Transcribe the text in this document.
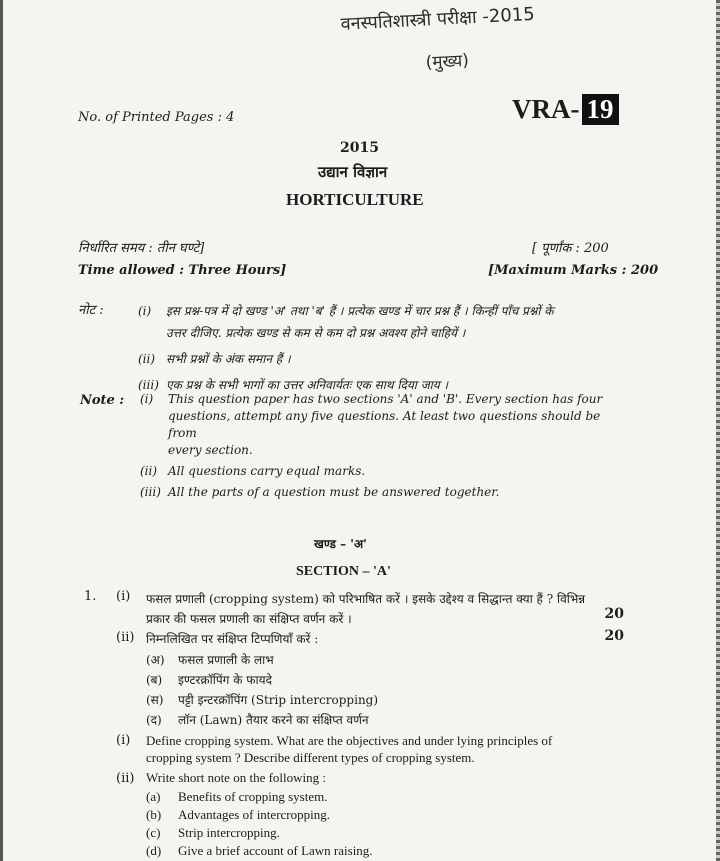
वनस्पतिशास्त्री परीक्षा -2015
(मुख्य)
No. of Printed Pages : 4	VRA- 19
2015
उद्यान विज्ञान
HORTICULTURE
निर्धारित समय : तीन घण्टे]	[ पूर्णांक : 200
Time allowed : Three Hours]	[Maximum Marks : 200
नोट :	(i)	इस प्रश्न-पत्र में दो खण्ड 'अ' तथा 'ब' हैं । प्रत्येक खण्ड में चार प्रश्न हैं । किन्हीं पाँच प्रश्नों के
उत्तर दीजिए. प्रत्येक खण्ड से कम से कम दो प्रश्न अवश्य होने चाहियें ।
(ii) सभी प्रश्नों के अंक समान हैं ।
(iii) एक प्रश्न के सभी भागों का उत्तर अनिवार्यतः एक साथ दिया जाय ।
Note : (i)	This question paper has two sections 'A' and 'B'. Every section has four
questions, attempt any five questions. At least two questions should be from
every section.
(ii) All questions carry equal marks.
(iii) All the parts of a question must be answered together.
खण्ड – 'अ'
SECTION – 'A'
1. (i) फसल प्रणाली (cropping system) को परिभाषित करें । इसके उद्देश्य व सिद्धान्त क्या हैं ? विभिन्न
प्रकार की फसल प्रणाली का संक्षिप्त वर्णन करें ।	20
(ii) निम्नलिखित पर संक्षिप्त टिप्पणियाँ करें :	20
(अ)	फसल प्रणाली के लाभ
(ब)	इण्टरक्रॉपिंग के फायदे
(स)	पट्टी इन्टरक्रॉपिंग (Strip intercropping)
(द)	लॉन (Lawn) तैयार करने का संक्षिप्त वर्णन
(i) Define cropping system. What are the objectives and under lying principles of
cropping system ? Describe different types of cropping system.
(ii) Write short note on the following :
(a)	Benefits of cropping system.
(b)	Advantages of intercropping.
(c)	Strip intercropping.
(d)	Give a brief account of Lawn raising.
